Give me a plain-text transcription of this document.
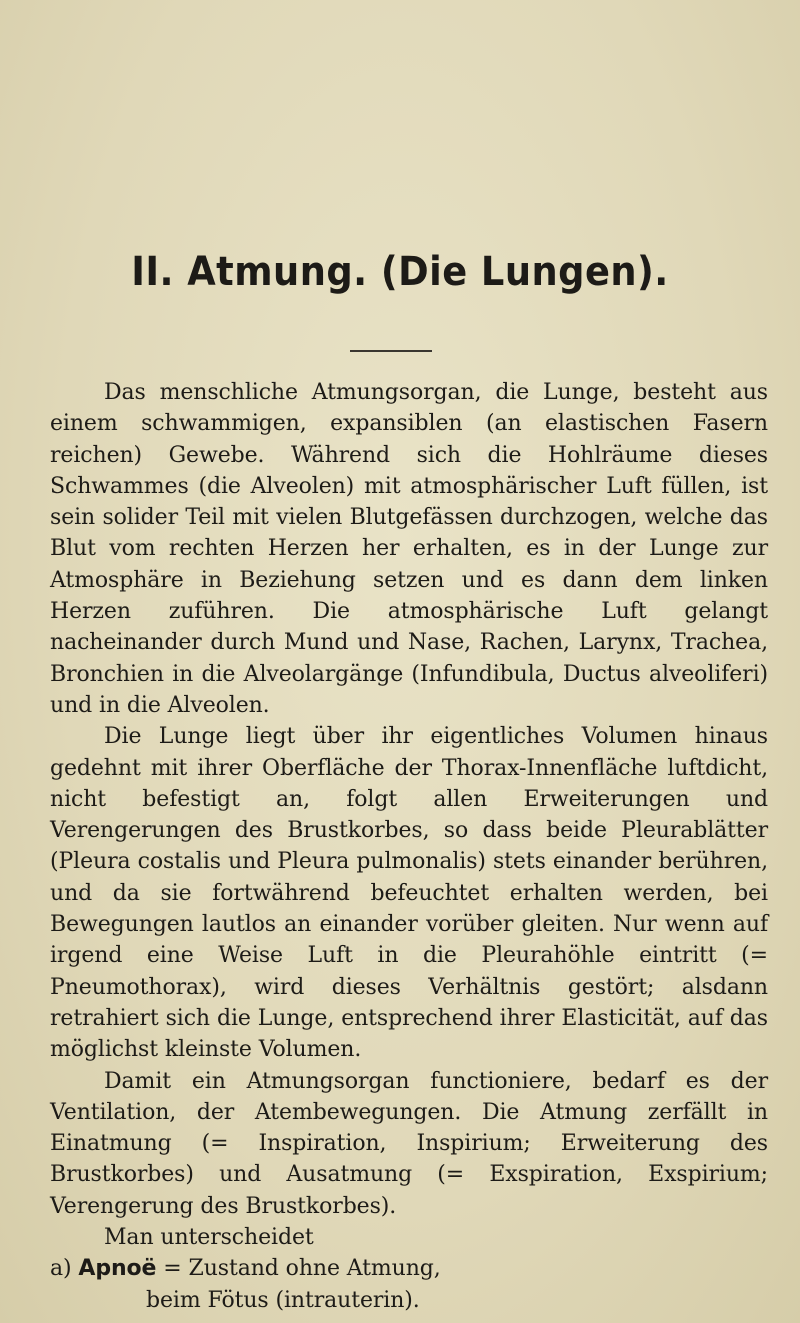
II. Atmung. (Die Lungen).

Das menschliche Atmungsorgan, die Lunge, besteht aus einem schwammigen, expansiblen (an elastischen Fasern reichen) Gewebe. Während sich die Hohlräume dieses Schwammes (die Alveolen) mit atmosphärischer Luft füllen, ist sein solider Teil mit vielen Blutgefässen durchzogen, welche das Blut vom rechten Herzen her erhalten, es in der Lunge zur Atmosphäre in Beziehung setzen und es dann dem linken Herzen zuführen. Die atmosphärische Luft gelangt nacheinander durch Mund und Nase, Rachen, Larynx, Trachea, Bronchien in die Alveolargänge (Infundibula, Ductus alveoliferi) und in die Alveolen.

Die Lunge liegt über ihr eigentliches Volumen hinaus gedehnt mit ihrer Oberfläche der Thorax-Innenfläche luftdicht, nicht befestigt an, folgt allen Erweiterungen und Verengerungen des Brustkorbes, so dass beide Pleurablätter (Pleura costalis und Pleura pulmonalis) stets einander berühren, und da sie fortwährend befeuchtet erhalten werden, bei Bewegungen lautlos an einander vorüber gleiten. Nur wenn auf irgend eine Weise Luft in die Pleurahöhle eintritt (= Pneumothorax), wird dieses Verhältnis gestört; alsdann retrahiert sich die Lunge, entsprechend ihrer Elasticität, auf das möglichst kleinste Volumen.

Damit ein Atmungsorgan functioniere, bedarf es der Ventilation, der Atembewegungen. Die Atmung zerfällt in Einatmung (= Inspiration, Inspirium; Erweiterung des Brustkorbes) und Ausatmung (= Exspiration, Exspirium; Verengerung des Brustkorbes).

Man unterscheidet

a) Apnoë = Zustand ohne Atmung,
beim Fötus (intrauterin).
